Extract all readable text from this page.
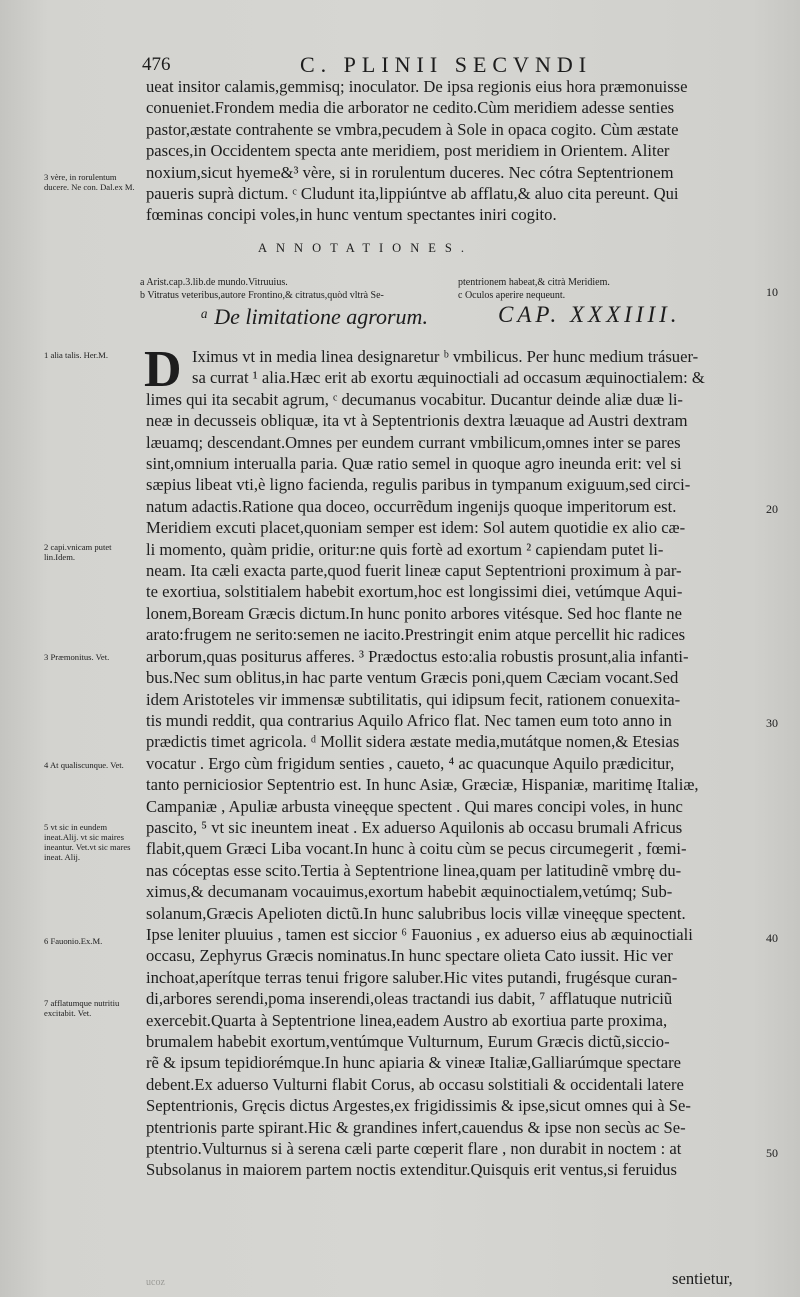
476	C. PLINII SECVNDI

ueat insitor calamis,gemmisq; inoculator. De ipsa regionis eius hora præmonuisse

conueniet.Frondem media die arborator ne cedito.Cùm meridiem adesse senties

pastor,æstate contrahente se vmbra,pecudem à Sole in opaca cogito. Cùm æstate

pasces,in Occidentem specta ante meridiem, post meridiem in Orientem. Aliter

noxium,sicut hyeme&³ vère, si in rorulentum duceres. Nec cótra Septentrionem

paueris suprà dictum. ᶜ Cludunt ita,lippiúntve ab afflatu,& aluo cita pereunt. Qui

fœminas concipi voles,in hunc ventum spectantes iniri cogito.

ANNOTATIONES.
a Arist.cap.3.lib.de mundo.Vitruuius.
b Vitratus veteribus,autore Frontino,& citratus,quòd vltrà Se-
ptentrionem habeat,& citrà Meridiem.
c Oculos aperire nequeunt.
ᵃ De limitatione agrorum.	CAP. XXXIIII.
D Iximus vt in media linea designaretur ᵇ vmbilicus. Per hunc medium trásuer-

sa currat ¹ alia.Hæc erit ab exortu æquinoctiali ad occasum æquinoctialem: &

limes qui ita secabit agrum, ᶜ decumanus vocabitur. Ducantur deinde aliæ duæ li-

neæ in decusseis obliquæ, ita vt à Septentrionis dextra læuaque ad Austri dextram

læuamq; descendant.Omnes per eundem currant vmbilicum,omnes inter se pares

sint,omnium interualla paria. Quæ ratio semel in quoque agro ineunda erit: vel si

sæpius libeat vti,è ligno facienda, regulis paribus in tympanum exiguum,sed circi-

natum adactis.Ratione qua doceo, occurrẽdum ingenijs quoque imperitorum est.

Meridiem excuti placet,quoniam semper est idem: Sol autem quotidie ex alio cæ-

li momento, quàm pridie, oritur:ne quis fortè ad exortum ² capiendam putet li-

neam. Ita cæli exacta parte,quod fuerit lineæ caput Septentrioni proximum à par-

te exortiua, solstitialem habebit exortum,hoc est longissimi diei, vetúmque Aqui-

lonem,Boream Græcis dictum.In hunc ponito arbores vitésque. Sed hoc flante ne

arato:frugem ne serito:semen ne iacito.Prestringit enim atque percellit hic radices

arborum,quas positurus afferes. ³ Prædoctus esto:alia robustis prosunt,alia infanti-

bus.Nec sum oblitus,in hac parte ventum Græcis poni,quem Cæciam vocant.Sed

idem Aristoteles vir immensæ subtilitatis, qui idipsum fecit, rationem conuexita-

tis mundi reddit, qua contrarius Aquilo Africo flat. Nec tamen eum toto anno in

prædictis timet agricola. ᵈ Mollit sidera æstate media,mutátque nomen,& Etesias

vocatur . Ergo cùm frigidum senties , caueto, ⁴ ac quacunque Aquilo prædicitur,

tanto perniciosior Septentrio est. In hunc Asiæ, Græciæ, Hispaniæ, maritimę Italiæ,

Campaniæ , Apuliæ arbusta vineęque spectent . Qui mares concipi voles, in hunc

pascito, ⁵ vt sic ineuntem ineat . Ex aduerso Aquilonis ab occasu brumali Africus

flabit,quem Græci Liba vocant.In hunc à coitu cùm se pecus circumegerit , fœmi-

nas cóceptas esse scito.Tertia à Septentrione linea,quam per latitudinẽ vmbrę du-

ximus,& decumanam vocauimus,exortum habebit æquinoctialem,vetúmq; Sub-

solanum,Græcis Apelioten dictũ.In hunc salubribus locis villæ vineęque spectent.

Ipse leniter pluuius , tamen est siccior ⁶ Fauonius , ex aduerso eius ab æquinoctiali

occasu, Zephyrus Græcis nominatus.In hunc spectare olieta Cato iussit. Hic ver

inchoat,aperítque terras tenui frigore saluber.Hic vites putandi, frugésque curan-

di,arbores serendi,poma inserendi,oleas tractandi ius dabit, ⁷ afflatuque nutriciũ

exercebit.Quarta à Septentrione linea,eadem Austro ab exortiua parte proxima,

brumalem habebit exortum,ventúmque Vulturnum, Eurum Græcis dictũ,siccio-

rẽ & ipsum tepidiorémque.In hunc apiaria & vineæ Italiæ,Galliarúmque spectare

debent.Ex aduerso Vulturni flabit Corus, ab occasu solstitiali & occidentali latere

Septentrionis, Gręcis dictus Argestes,ex frigidissimis & ipse,sicut omnes qui à Se-

ptentrionis parte spirant.Hic & grandines infert,cauendus & ipse non secùs ac Se-

ptentrio.Vulturnus si à serena cæli parte cœperit flare , non durabit in noctem : at

Subsolanus in maiorem partem noctis extenditur.Quisquis erit ventus,si feruidus

sentietur,
ucoz
3 vère, in rorulentum ducere. Ne con. Dal.ex M.
1 alia talis. Her.M.
2 capi.vnicam putet lin.Idem.
3 Præmonitus. Vet.
4 At qualiscunque. Vet.
5 vt sic in eundem ineat.Alij. vt sic maires ineantur. Vet.vt sic mares ineat. Alij.
6 Fauonio.Ex.M.
7 afflatumque nutritiu excitabit. Vet.
10
20
30
40
50
